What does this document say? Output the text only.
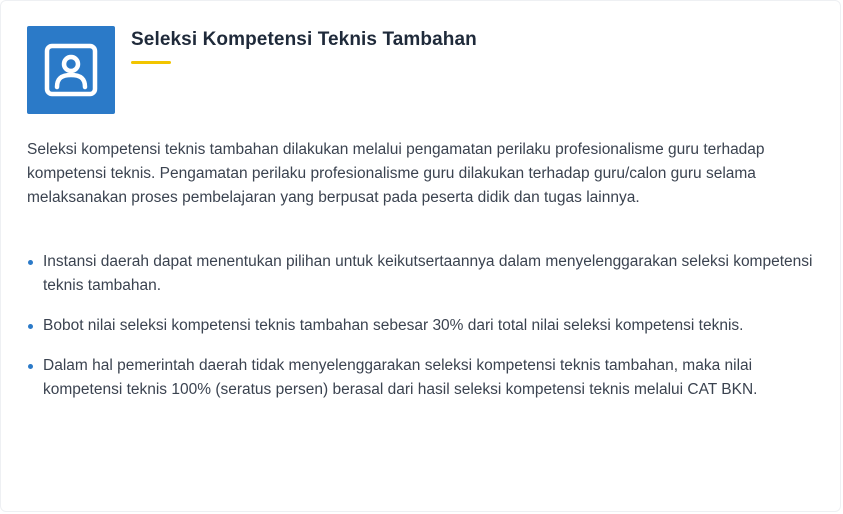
Seleksi Kompetensi Teknis Tambahan

Seleksi kompetensi teknis tambahan dilakukan melalui pengamatan perilaku profesionalisme guru terhadap kompetensi teknis. Pengamatan perilaku profesionalisme guru dilakukan terhadap guru/calon guru selama melaksanakan proses pembelajaran yang berpusat pada peserta didik dan tugas lainnya.

Instansi daerah dapat menentukan pilihan untuk keikutsertaannya dalam menyelenggarakan seleksi kompetensi teknis tambahan.
Bobot nilai seleksi kompetensi teknis tambahan sebesar 30% dari total nilai seleksi kompetensi teknis.
Dalam hal pemerintah daerah tidak menyelenggarakan seleksi kompetensi teknis tambahan, maka nilai kompetensi teknis 100% (seratus persen) berasal dari hasil seleksi kompetensi teknis melalui CAT BKN.
